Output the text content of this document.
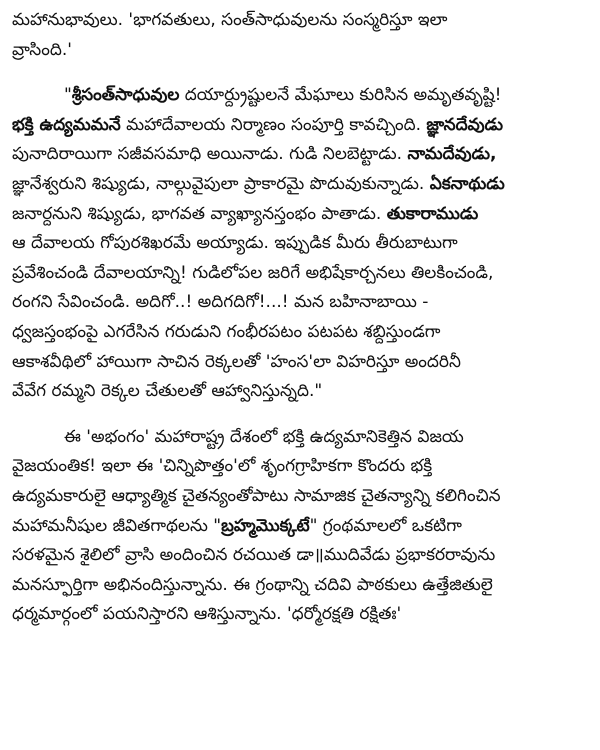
మహానుభావులు. 'భాగవతులు, సంత్‌సాధువులను సంస్మరిస్తూ ఇలా
వ్రాసింది.'

"శ్రీసంత్‌సాధువుల దయార్ద్రుష్టులనే మేఘాలు కురిసిన అమృతవృష్టి!
భక్తి ఉద్యమమనే మహాదేవాలయ నిర్మాణం సంపూర్తి కావచ్చింది. జ్ఞానదేవుడు
పునాదిరాయిగా సజీవసమాధి అయినాడు. గుడి నిలబెట్టాడు. నామదేవుడు,
జ్ఞానేశ్వరుని శిష్యుడు, నాల్గువైపులా ప్రాకారమై పొదువుకున్నాడు. ఏకనాథుడు
జనార్దనుని శిష్యుడు, భాగవత వ్యాఖ్యానస్తంభం పాతాడు. తుకారాముడు
ఆ దేవాలయ గోపురశిఖరమే అయ్యాడు. ఇప్పుడిక మీరు తీరుబాటుగా
ప్రవేశించండి దేవాలయాన్ని! గుడిలోపల జరిగే అభిషేకార్చనలు తిలకించండి,
రంగని సేవించండి. అదిగో..! అదిగదిగో!...! మన బహినాబాయి -
ధ్వజస్తంభంపై ఎగరేసిన గరుడుని గంభీరపటం పటపట శబ్దిస్తుండగా
ఆకాశవీథిలో హాయిగా సాచిన రెక్కలతో 'హంస'లా విహరిస్తూ అందరినీ
వేవేగ రమ్మని రెక్కల చేతులతో ఆహ్వానిస్తున్నది."

ఈ 'అభంగం' మహారాష్ట్ర దేశంలో భక్తి ఉద్యమానికెత్తిన విజయ
వైజయంతిక! ఇలా ఈ 'చిన్నిపొత్తం'లో శృంగగ్రాహికగా కొందరు భక్తి
ఉద్యమకారులై ఆధ్యాత్మిక చైతన్యంతోపాటు సామాజిక చైతన్యాన్ని కలిగించిన
మహామనీషుల జీవితగాథలను "బ్రహ్మమొక్కటే" గ్రంథమాలలో ఒకటిగా
సరళమైన శైలిలో వ్రాసి అందించిన రచయిత డా॥ముదివేడు ప్రభాకరరావును
మనస్ఫూర్తిగా అభినందిస్తున్నాను. ఈ గ్రంథాన్ని చదివి పాఠకులు ఉత్తేజితులై
ధర్మమార్గంలో పయనిస్తారని ఆశిస్తున్నాను. 'ధర్మోరక్షతి రక్షితః'
